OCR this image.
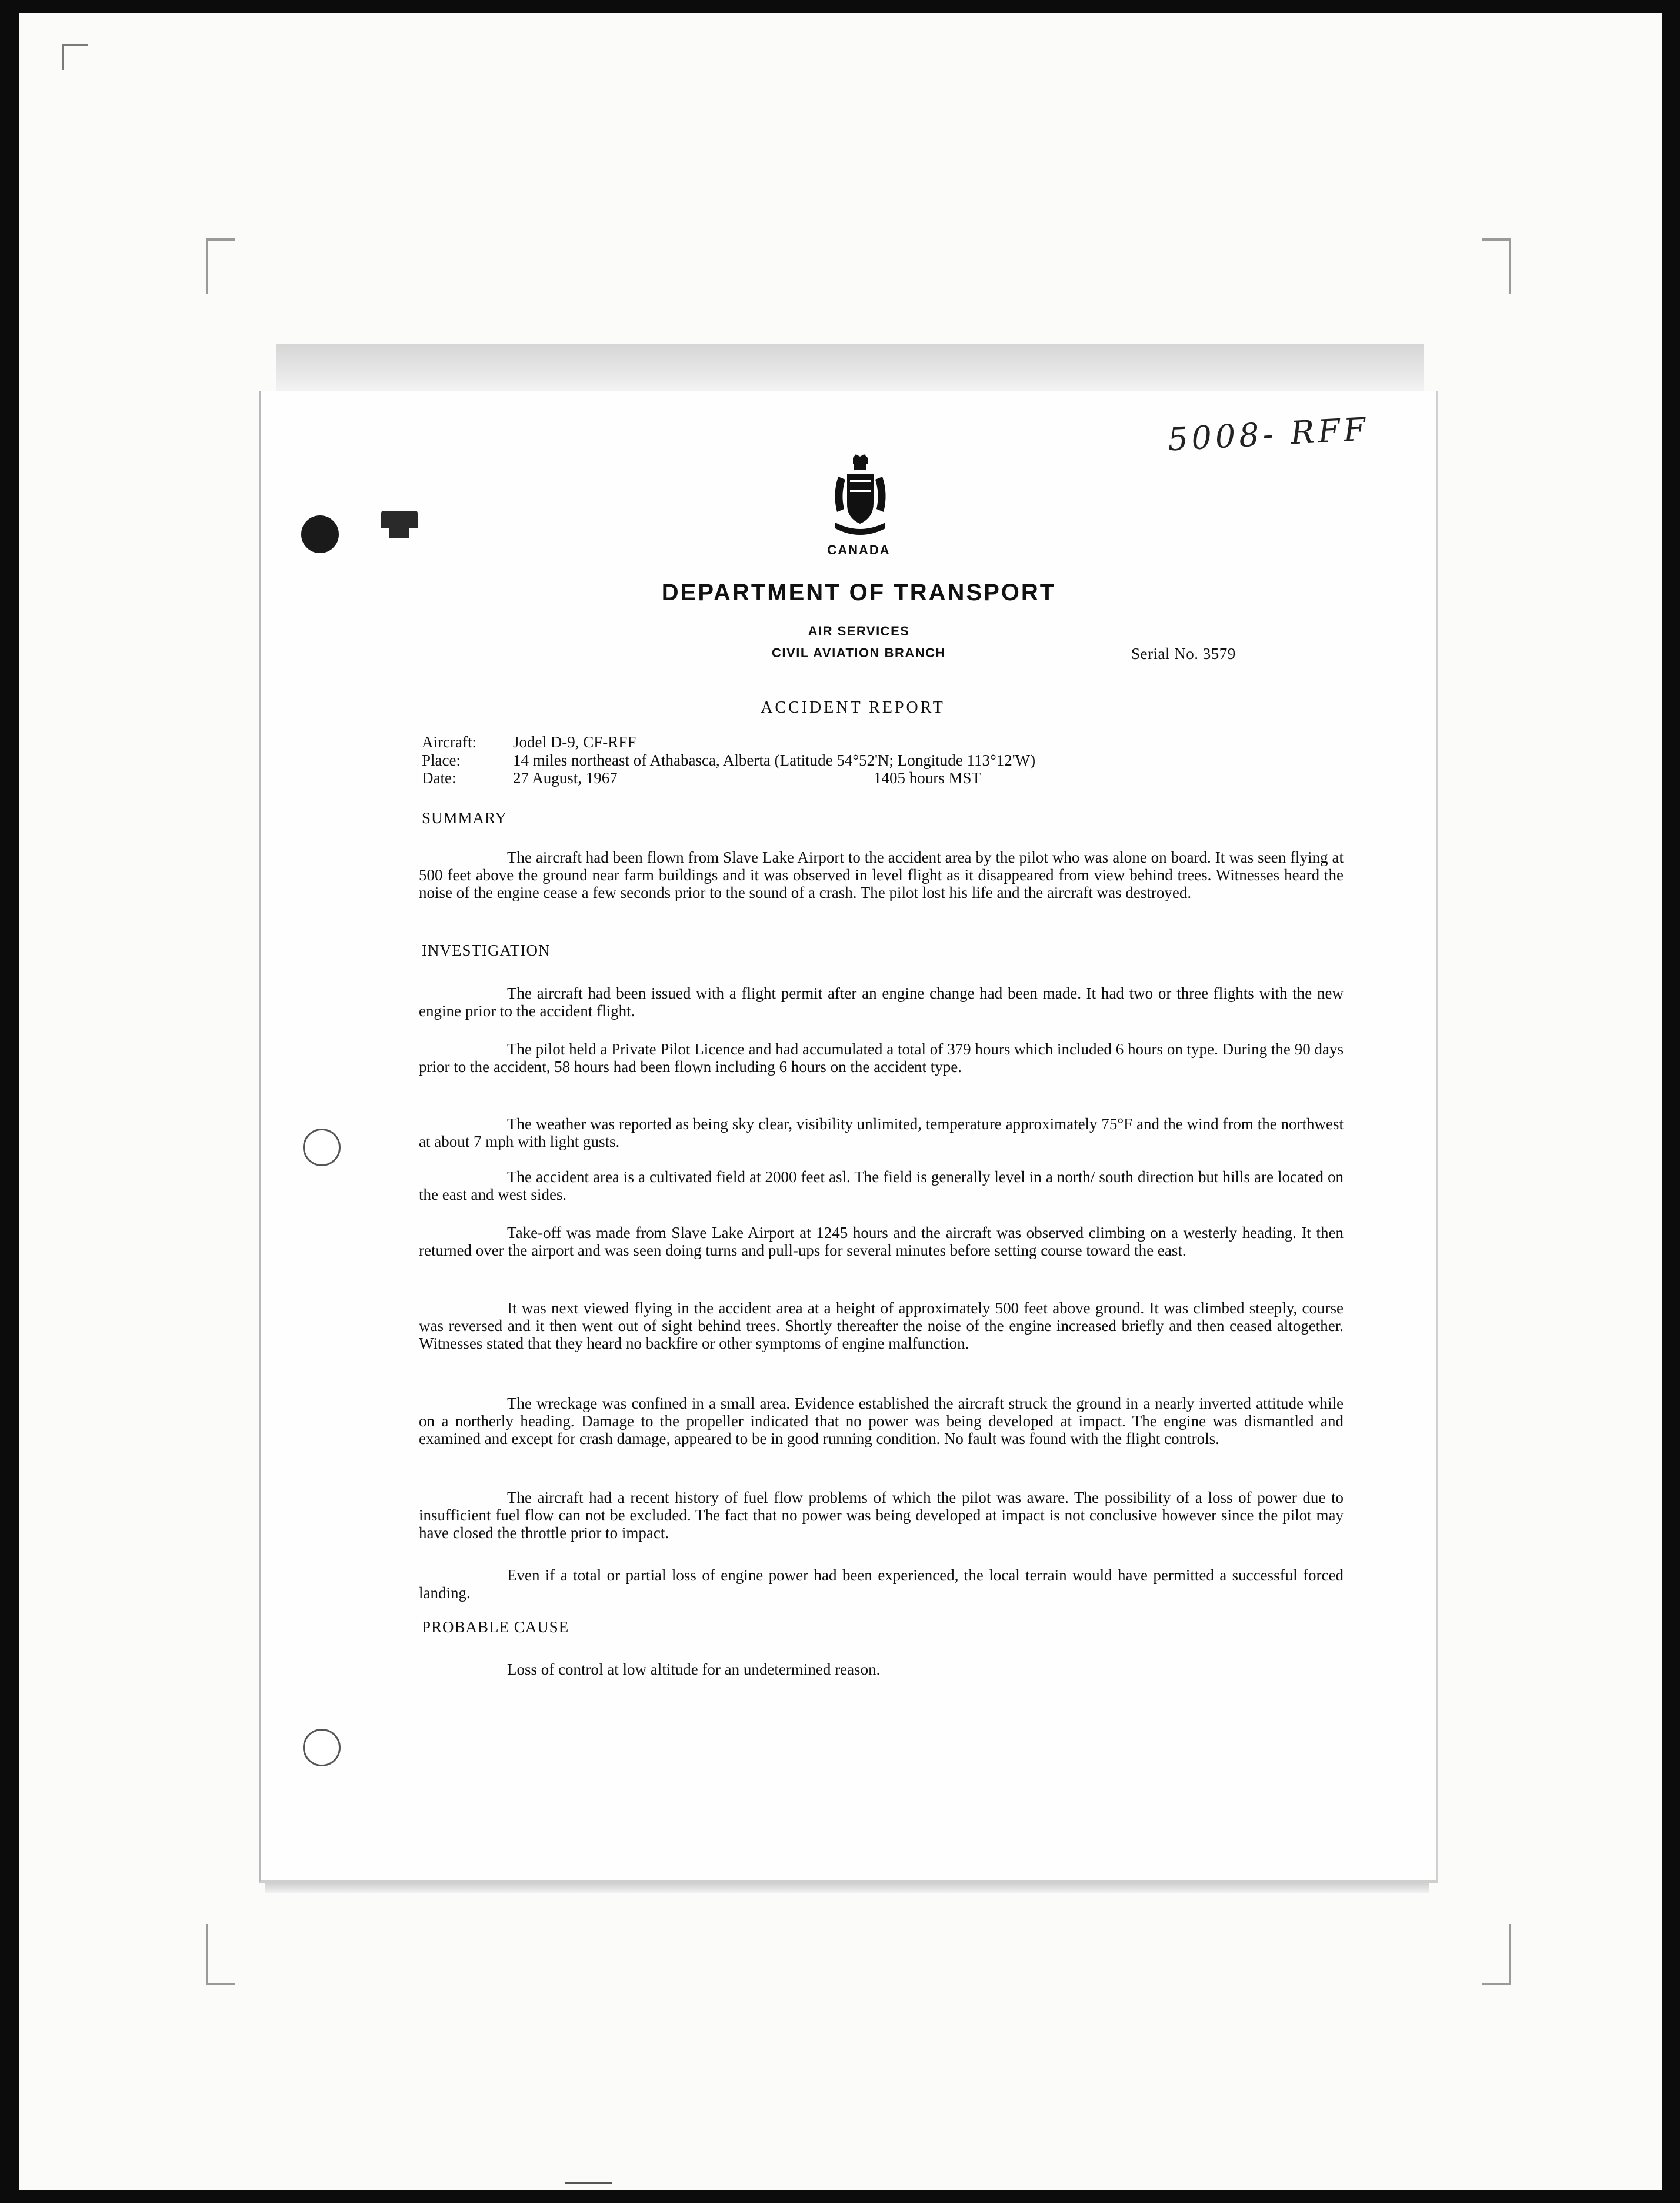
5008- RFF
CANADA
DEPARTMENT OF TRANSPORT
AIR SERVICES
CIVIL AVIATION BRANCH	Serial No. 3579
ACCIDENT REPORT
Aircraft: Jodel D-9, CF-RFF
Place:	14 miles northeast of Athabasca, Alberta (Latitude 54°52'N; Longitude 113°12'W)
Date:	27 August, 1967	1405 hours MST
SUMMARY

The aircraft had been flown from Slave Lake Airport to the accident area by the pilot who was alone on board. It was seen flying at 500 feet above the ground near farm buildings and it was observed in level flight as it disappeared from view behind trees. Witnesses heard the noise of the engine cease a few seconds prior to the sound of a crash. The pilot lost his life and the aircraft was destroyed.

INVESTIGATION

The aircraft had been issued with a flight permit after an engine change had been made. It had two or three flights with the new engine prior to the accident flight.

The pilot held a Private Pilot Licence and had accumulated a total of 379 hours which included 6 hours on type. During the 90 days prior to the accident, 58 hours had been flown including 6 hours on the accident type.

The weather was reported as being sky clear, visibility unlimited, temperature approximately 75°F and the wind from the northwest at about 7 mph with light gusts.

The accident area is a cultivated field at 2000 feet asl. The field is generally level in a north/ south direction but hills are located on the east and west sides.

Take-off was made from Slave Lake Airport at 1245 hours and the aircraft was observed climbing on a westerly heading. It then returned over the airport and was seen doing turns and pull-ups for several minutes before setting course toward the east.

It was next viewed flying in the accident area at a height of approximately 500 feet above ground. It was climbed steeply, course was reversed and it then went out of sight behind trees. Shortly thereafter the noise of the engine increased briefly and then ceased altogether. Witnesses stated that they heard no backfire or other symptoms of engine malfunction.

The wreckage was confined in a small area. Evidence established the aircraft struck the ground in a nearly inverted attitude while on a northerly heading. Damage to the propeller indicated that no power was being developed at impact. The engine was dismantled and examined and except for crash damage, appeared to be in good running condition. No fault was found with the flight controls.

The aircraft had a recent history of fuel flow problems of which the pilot was aware. The possibility of a loss of power due to insufficient fuel flow can not be excluded. The fact that no power was being developed at impact is not conclusive however since the pilot may have closed the throttle prior to impact.

Even if a total or partial loss of engine power had been experienced, the local terrain would have permitted a successful forced landing.

PROBABLE CAUSE

Loss of control at low altitude for an undetermined reason.
